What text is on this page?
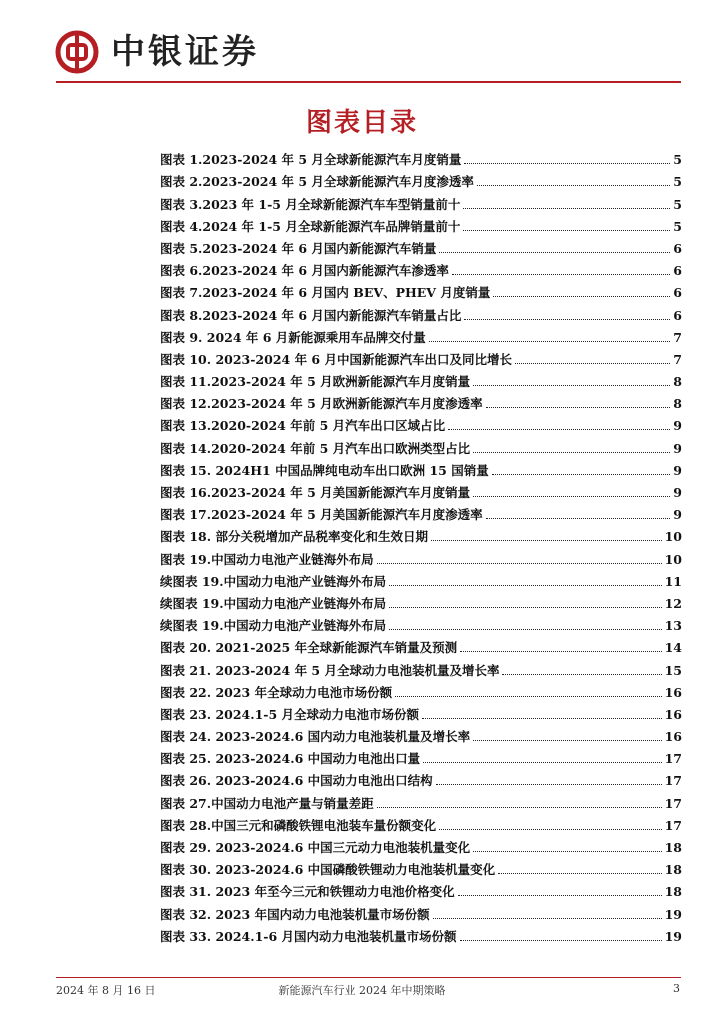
中银证券
图表目录
图表 1.2023-2024 年 5 月全球新能源汽车月度销量	5
图表 2.2023-2024 年 5 月全球新能源汽车月度渗透率	5
图表 3.2023 年 1-5 月全球新能源汽车车型销量前十	5
图表 4.2024 年 1-5 月全球新能源汽车品牌销量前十	5
图表 5.2023-2024 年 6 月国内新能源汽车销量	6
图表 6.2023-2024 年 6 月国内新能源汽车渗透率	6
图表 7.2023-2024 年 6 月国内 BEV、PHEV 月度销量	6
图表 8.2023-2024 年 6 月国内新能源汽车销量占比	6
图表 9. 2024 年 6 月新能源乘用车品牌交付量	7
图表 10. 2023-2024 年 6 月中国新能源汽车出口及同比增长	7
图表 11.2023-2024 年 5 月欧洲新能源汽车月度销量	8
图表 12.2023-2024 年 5 月欧洲新能源汽车月度渗透率	8
图表 13.2020-2024 年前 5 月汽车出口区域占比	9
图表 14.2020-2024 年前 5 月汽车出口欧洲类型占比	9
图表 15. 2024H1 中国品牌纯电动车出口欧洲 15 国销量	9
图表 16.2023-2024 年 5 月美国新能源汽车月度销量	9
图表 17.2023-2024 年 5 月美国新能源汽车月度渗透率	9
图表 18. 部分关税增加产品税率变化和生效日期	10
图表 19.中国动力电池产业链海外布局	10
续图表 19.中国动力电池产业链海外布局	11
续图表 19.中国动力电池产业链海外布局	12
续图表 19.中国动力电池产业链海外布局	13
图表 20. 2021-2025 年全球新能源汽车销量及预测	14
图表 21. 2023-2024 年 5 月全球动力电池装机量及增长率	15
图表 22. 2023 年全球动力电池市场份额	16
图表 23. 2024.1-5 月全球动力电池市场份额	16
图表 24. 2023-2024.6 国内动力电池装机量及增长率	16
图表 25. 2023-2024.6 中国动力电池出口量	17
图表 26. 2023-2024.6 中国动力电池出口结构	17
图表 27.中国动力电池产量与销量差距	17
图表 28.中国三元和磷酸铁锂电池装车量份额变化	17
图表 29. 2023-2024.6 中国三元动力电池装机量变化	18
图表 30. 2023-2024.6 中国磷酸铁锂动力电池装机量变化	18
图表 31. 2023 年至今三元和铁锂动力电池价格变化	18
图表 32. 2023 年国内动力电池装机量市场份额	19
图表 33. 2024.1-6 月国内动力电池装机量市场份额	19
2024 年 8 月 16 日	新能源汽车行业 2024 年中期策略	3
